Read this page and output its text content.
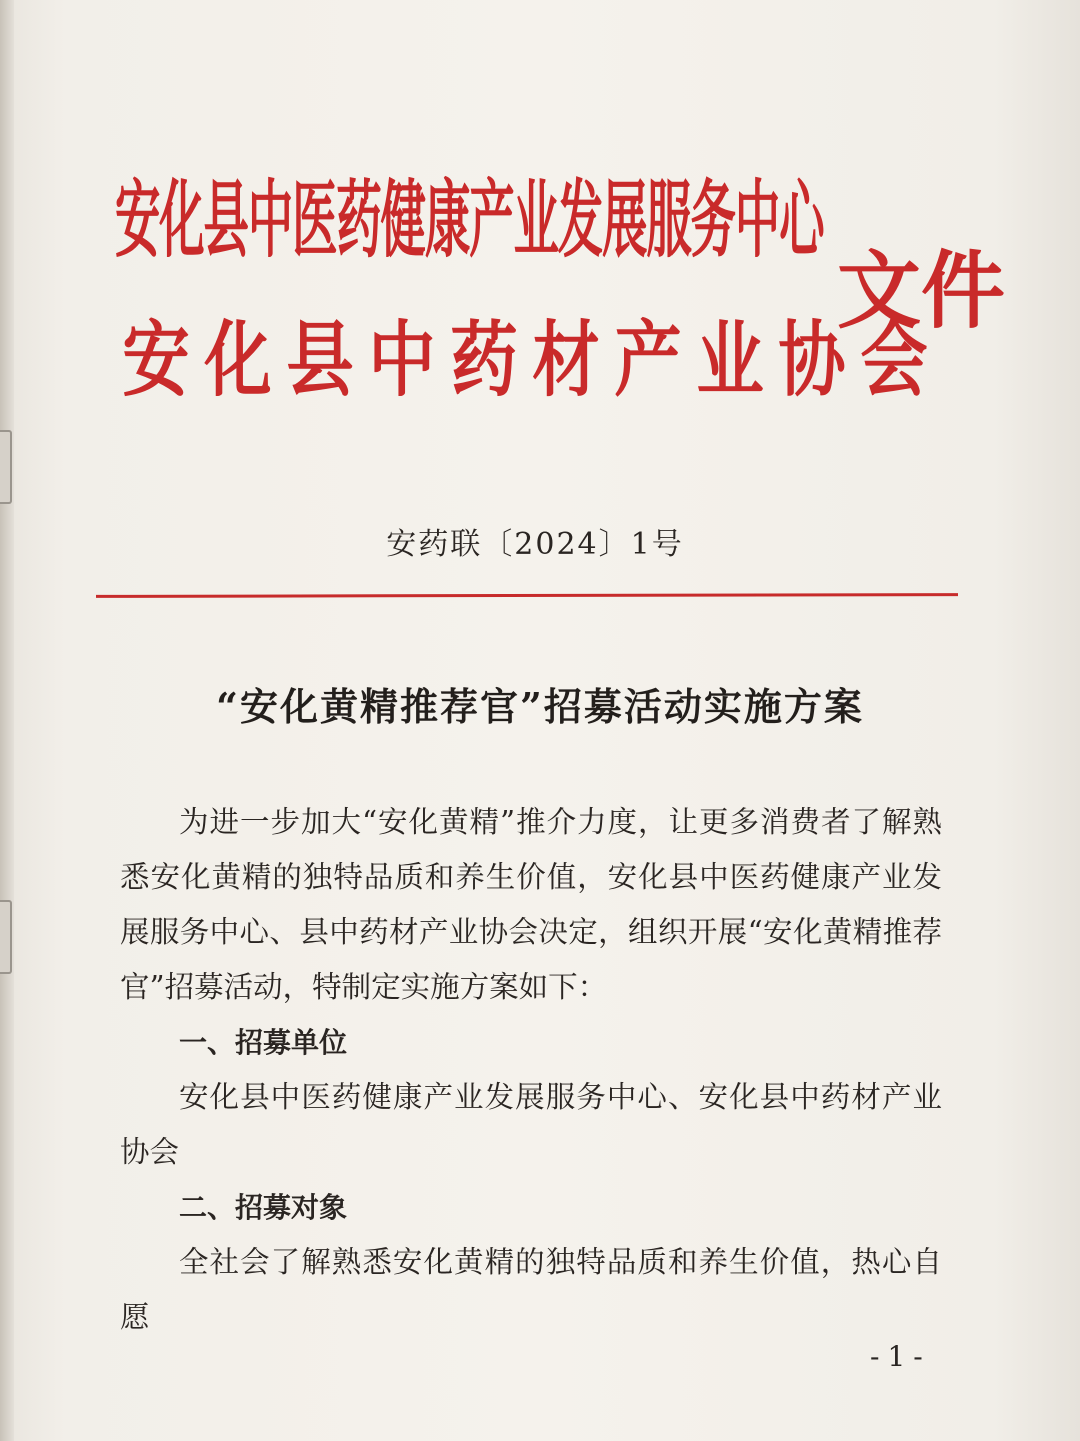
安化县中医药健康产业发展服务中心
安 化 县 中 药 材 产 业 协 会
文件
安药联〔2024〕1号
“安化黄精推荐官”招募活动实施方案

为进一步加大“安化黄精”推介力度，让更多消费者了解熟悉安化黄精的独特品质和养生价值，安化县中医药健康产业发展服务中心、县中药材产业协会决定，组织开展“安化黄精推荐官”招募活动，特制定实施方案如下：

一、招募单位

安化县中医药健康产业发展服务中心、安化县中药材产业协会

二、招募对象

全社会了解熟悉安化黄精的独特品质和养生价值，热心自愿

-1-
